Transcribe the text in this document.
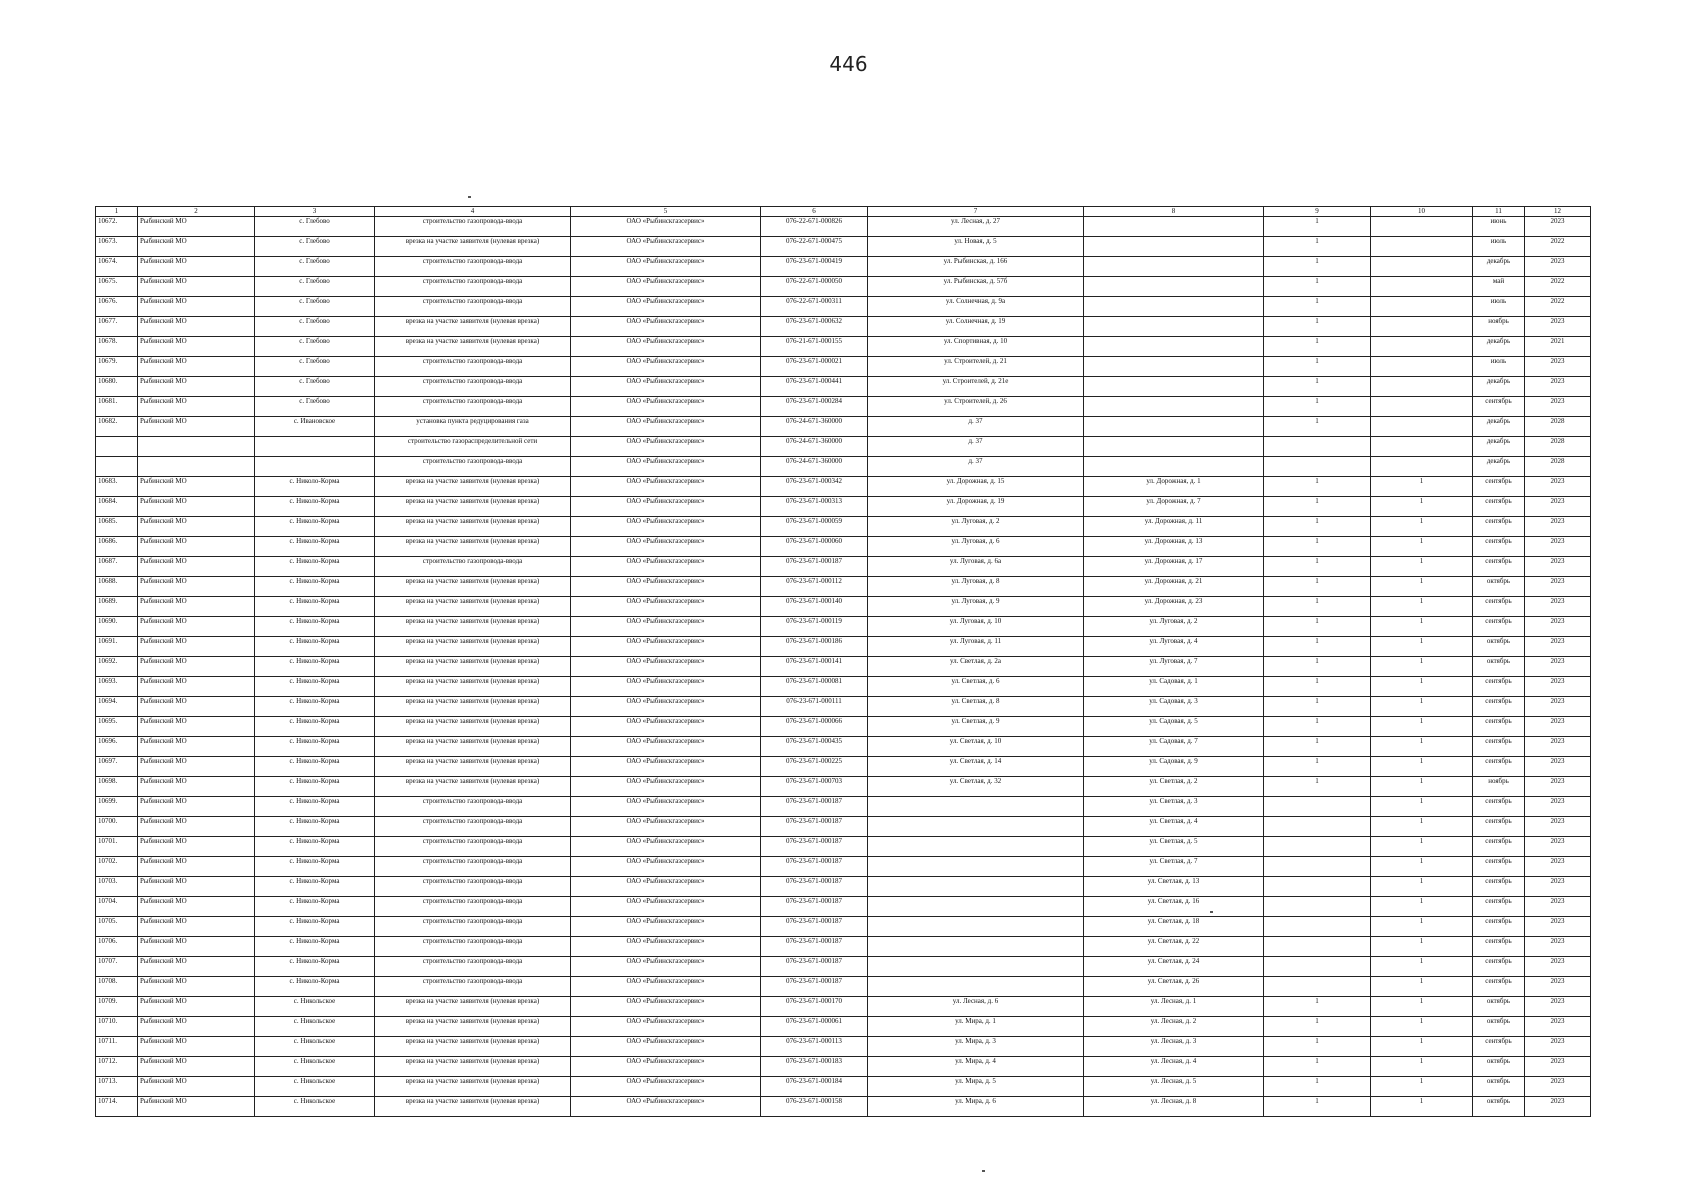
446
1	2	3	4	5	6	7	8	9	10	11	12
10672.	Рыбинский МО	с. Глебово	строительство газопровода-ввода	ОАО «Рыбинскгазсервис»	076-22-671-000826	ул. Лесная, д. 27		1		июнь	2023
10673.	Рыбинский МО	с. Глебово	врезка на участке заявителя (нулевая врезка)	ОАО «Рыбинскгазсервис»	076-22-671-000475	ул. Новая, д. 5		1		июль	2022
10674.	Рыбинский МО	с. Глебово	строительство газопровода-ввода	ОАО «Рыбинскгазсервис»	076-23-671-000419	ул. Рыбинская, д. 166		1		декабрь	2023
10675.	Рыбинский МО	с. Глебово	строительство газопровода-ввода	ОАО «Рыбинскгазсервис»	076-22-671-000050	ул. Рыбинская, д. 57б		1		май	2022
10676.	Рыбинский МО	с. Глебово	строительство газопровода-ввода	ОАО «Рыбинскгазсервис»	076-22-671-000311	ул. Солнечная, д. 9а		1		июль	2022
10677.	Рыбинский МО	с. Глебово	врезка на участке заявителя (нулевая врезка)	ОАО «Рыбинскгазсервис»	076-23-671-000632	ул. Солнечная, д. 19		1		ноябрь	2023
10678.	Рыбинский МО	с. Глебово	врезка на участке заявителя (нулевая врезка)	ОАО «Рыбинскгазсервис»	076-21-671-000155	ул. Спортивная, д. 10		1		декабрь	2021
10679.	Рыбинский МО	с. Глебово	строительство газопровода-ввода	ОАО «Рыбинскгазсервис»	076-23-671-000021	ул. Строителей, д. 21		1		июль	2023
10680.	Рыбинский МО	с. Глебово	строительство газопровода-ввода	ОАО «Рыбинскгазсервис»	076-23-671-000441	ул. Строителей, д. 21е		1		декабрь	2023
10681.	Рыбинский МО	с. Глебово	строительство газопровода-ввода	ОАО «Рыбинскгазсервис»	076-23-671-000284	ул. Строителей, д. 26		1		сентябрь	2023
10682.	Рыбинский МО	с. Ивановское	установка пункта редуцирования газа	ОАО «Рыбинскгазсервис»	076-24-671-360000	д. 37		1		декабрь	2028
			строительство газораспределительной сети	ОАО «Рыбинскгазсервис»	076-24-671-360000	д. 37				декабрь	2028
			строительство газопровода-ввода	ОАО «Рыбинскгазсервис»	076-24-671-360000	д. 37				декабрь	2028
10683.	Рыбинский МО	с. Николо-Корма	врезка на участке заявителя (нулевая врезка)	ОАО «Рыбинскгазсервис»	076-23-671-000342	ул. Дорожная, д. 15	ул. Дорожная, д. 1	1	1	сентябрь	2023
10684.	Рыбинский МО	с. Николо-Корма	врезка на участке заявителя (нулевая врезка)	ОАО «Рыбинскгазсервис»	076-23-671-000313	ул. Дорожная, д. 19	ул. Дорожная, д. 7	1	1	сентябрь	2023
10685.	Рыбинский МО	с. Николо-Корма	врезка на участке заявителя (нулевая врезка)	ОАО «Рыбинскгазсервис»	076-23-671-000059	ул. Луговая, д. 2	ул. Дорожная, д. 11	1	1	сентябрь	2023
10686.	Рыбинский МО	с. Николо-Корма	врезка на участке заявителя (нулевая врезка)	ОАО «Рыбинскгазсервис»	076-23-671-000060	ул. Луговая, д. 6	ул. Дорожная, д. 13	1	1	сентябрь	2023
10687.	Рыбинский МО	с. Николо-Корма	строительство газопровода-ввода	ОАО «Рыбинскгазсервис»	076-23-671-000187	ул. Луговая, д. 6а	ул. Дорожная, д. 17	1	1	сентябрь	2023
10688.	Рыбинский МО	с. Николо-Корма	врезка на участке заявителя (нулевая врезка)	ОАО «Рыбинскгазсервис»	076-23-671-000112	ул. Луговая, д. 8	ул. Дорожная, д. 21	1	1	октябрь	2023
10689.	Рыбинский МО	с. Николо-Корма	врезка на участке заявителя (нулевая врезка)	ОАО «Рыбинскгазсервис»	076-23-671-000140	ул. Луговая, д. 9	ул. Дорожная, д. 23	1	1	сентябрь	2023
10690.	Рыбинский МО	с. Николо-Корма	врезка на участке заявителя (нулевая врезка)	ОАО «Рыбинскгазсервис»	076-23-671-000119	ул. Луговая, д. 10	ул. Луговая, д. 2	1	1	сентябрь	2023
10691.	Рыбинский МО	с. Николо-Корма	врезка на участке заявителя (нулевая врезка)	ОАО «Рыбинскгазсервис»	076-23-671-000186	ул. Луговая, д. 11	ул. Луговая, д. 4	1	1	октябрь	2023
10692.	Рыбинский МО	с. Николо-Корма	врезка на участке заявителя (нулевая врезка)	ОАО «Рыбинскгазсервис»	076-23-671-000141	ул. Светлая, д. 2а	ул. Луговая, д. 7	1	1	октябрь	2023
10693.	Рыбинский МО	с. Николо-Корма	врезка на участке заявителя (нулевая врезка)	ОАО «Рыбинскгазсервис»	076-23-671-000081	ул. Светлая, д. 6	ул. Садовая, д. 1	1	1	сентябрь	2023
10694.	Рыбинский МО	с. Николо-Корма	врезка на участке заявителя (нулевая врезка)	ОАО «Рыбинскгазсервис»	076-23-671-000111	ул. Светлая, д. 8	ул. Садовая, д. 3	1	1	сентябрь	2023
10695.	Рыбинский МО	с. Николо-Корма	врезка на участке заявителя (нулевая врезка)	ОАО «Рыбинскгазсервис»	076-23-671-000066	ул. Светлая, д. 9	ул. Садовая, д. 5	1	1	сентябрь	2023
10696.	Рыбинский МО	с. Николо-Корма	врезка на участке заявителя (нулевая врезка)	ОАО «Рыбинскгазсервис»	076-23-671-000435	ул. Светлая, д. 10	ул. Садовая, д. 7	1	1	сентябрь	2023
10697.	Рыбинский МО	с. Николо-Корма	врезка на участке заявителя (нулевая врезка)	ОАО «Рыбинскгазсервис»	076-23-671-000225	ул. Светлая, д. 14	ул. Садовая, д. 9	1	1	сентябрь	2023
10698.	Рыбинский МО	с. Николо-Корма	врезка на участке заявителя (нулевая врезка)	ОАО «Рыбинскгазсервис»	076-23-671-000703	ул. Светлая, д. 32	ул. Светлая, д. 2	1	1	ноябрь	2023
10699.	Рыбинский МО	с. Николо-Корма	строительство газопровода-ввода	ОАО «Рыбинскгазсервис»	076-23-671-000187		ул. Светлая, д. 3		1	сентябрь	2023
10700.	Рыбинский МО	с. Николо-Корма	строительство газопровода-ввода	ОАО «Рыбинскгазсервис»	076-23-671-000187		ул. Светлая, д. 4		1	сентябрь	2023
10701.	Рыбинский МО	с. Николо-Корма	строительство газопровода-ввода	ОАО «Рыбинскгазсервис»	076-23-671-000187		ул. Светлая, д. 5		1	сентябрь	2023
10702.	Рыбинский МО	с. Николо-Корма	строительство газопровода-ввода	ОАО «Рыбинскгазсервис»	076-23-671-000187		ул. Светлая, д. 7		1	сентябрь	2023
10703.	Рыбинский МО	с. Николо-Корма	строительство газопровода-ввода	ОАО «Рыбинскгазсервис»	076-23-671-000187		ул. Светлая, д. 13		1	сентябрь	2023
10704.	Рыбинский МО	с. Николо-Корма	строительство газопровода-ввода	ОАО «Рыбинскгазсервис»	076-23-671-000187		ул. Светлая, д. 16		1	сентябрь	2023
10705.	Рыбинский МО	с. Николо-Корма	строительство газопровода-ввода	ОАО «Рыбинскгазсервис»	076-23-671-000187		ул. Светлая, д. 18		1	сентябрь	2023
10706.	Рыбинский МО	с. Николо-Корма	строительство газопровода-ввода	ОАО «Рыбинскгазсервис»	076-23-671-000187		ул. Светлая, д. 22		1	сентябрь	2023
10707.	Рыбинский МО	с. Николо-Корма	строительство газопровода-ввода	ОАО «Рыбинскгазсервис»	076-23-671-000187		ул. Светлая, д. 24		1	сентябрь	2023
10708.	Рыбинский МО	с. Николо-Корма	строительство газопровода-ввода	ОАО «Рыбинскгазсервис»	076-23-671-000187		ул. Светлая, д. 26		1	сентябрь	2023
10709.	Рыбинский МО	с. Никольское	врезка на участке заявителя (нулевая врезка)	ОАО «Рыбинскгазсервис»	076-23-671-000170	ул. Лесная, д. 6	ул. Лесная, д. 1	1	1	октябрь	2023
10710.	Рыбинский МО	с. Никольское	врезка на участке заявителя (нулевая врезка)	ОАО «Рыбинскгазсервис»	076-23-671-000061	ул. Мира, д. 1	ул. Лесная, д. 2	1	1	октябрь	2023
10711.	Рыбинский МО	с. Никольское	врезка на участке заявителя (нулевая врезка)	ОАО «Рыбинскгазсервис»	076-23-671-000113	ул. Мира, д. 3	ул. Лесная, д. 3	1	1	сентябрь	2023
10712.	Рыбинский МО	с. Никольское	врезка на участке заявителя (нулевая врезка)	ОАО «Рыбинскгазсервис»	076-23-671-000183	ул. Мира, д. 4	ул. Лесная, д. 4	1	1	октябрь	2023
10713.	Рыбинский МО	с. Никольское	врезка на участке заявителя (нулевая врезка)	ОАО «Рыбинскгазсервис»	076-23-671-000184	ул. Мира, д. 5	ул. Лесная, д. 5	1	1	октябрь	2023
10714.	Рыбинский МО	с. Никольское	врезка на участке заявителя (нулевая врезка)	ОАО «Рыбинскгазсервис»	076-23-671-000158	ул. Мира, д. 6	ул. Лесная, д. 8	1	1	октябрь	2023
